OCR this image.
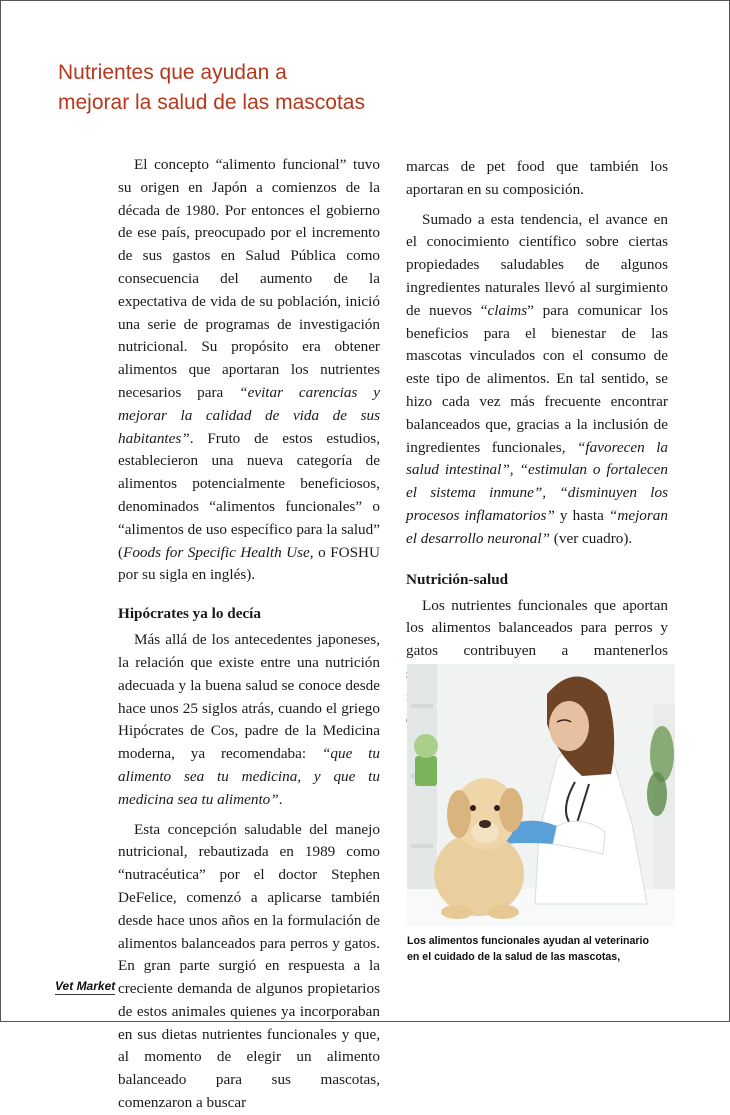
Nutrientes que ayudan a
mejorar la salud de las mascotas

El concepto “alimento funcional” tuvo su origen en Japón a comienzos de la década de 1980. Por entonces el gobierno de ese país, preocupado por el incremento de sus gastos en Salud Pública como consecuencia del aumento de la expectativa de vida de su población, inició una serie de programas de investigación nutricional. Su propósito era obtener alimentos que aportaran los nutrientes necesarios para “evitar carencias y mejorar la calidad de vida de sus habitantes”. Fruto de estos estudios, establecieron una nueva categoría de alimentos potencialmente beneficiosos, denominados “alimentos funcionales” o “alimentos de uso específico para la salud” (Foods for Specific Health Use, o FOSHU por su sigla en inglés).

Hipócrates ya lo decía

Más allá de los antecedentes japoneses, la relación que existe entre una nutrición adecuada y la buena salud se conoce desde hace unos 25 siglos atrás, cuando el griego Hipócrates de Cos, padre de la Medicina moderna, ya recomendaba: “que tu alimento sea tu medicina, y que tu medicina sea tu alimento”.

Esta concepción saludable del manejo nutricional, rebautizada en 1989 como “nutracéutica” por el doctor Stephen DeFelice, comenzó a aplicarse también desde hace unos años en la formulación de alimentos balanceados para perros y gatos. En gran parte surgió en respuesta a la creciente demanda de algunos propietarios de estos animales quienes ya incorporaban en sus dietas nutrientes funcionales y que, al momento de elegir un alimento balanceado para sus mascotas, comenzaron a buscar

marcas de pet food que también los aportaran en su composición.

Sumado a esta tendencia, el avance en el conocimiento científico sobre ciertas propiedades saludables de algunos ingredientes naturales llevó al surgimiento de nuevos “claims” para comunicar los beneficios para el bienestar de las mascotas vinculados con el consumo de este tipo de alimentos. En tal sentido, se hizo cada vez más frecuente encontrar balanceados que, gracias a la inclusión de ingredientes funcionales, “favorecen la salud intestinal”, “estimulan o fortalecen el sistema inmune”, “disminuyen los procesos inflamatorios” y hasta “mejoran el desarrollo neuronal” (ver cuadro).

Nutrición-salud

Los nutrientes funcionales que aportan los alimentos balanceados para perros y gatos contribuyen a mantenerlos

Los alimentos funcionales ayudan al veterinario
en el cuidado de la salud de las mascotas,
Vet Market
